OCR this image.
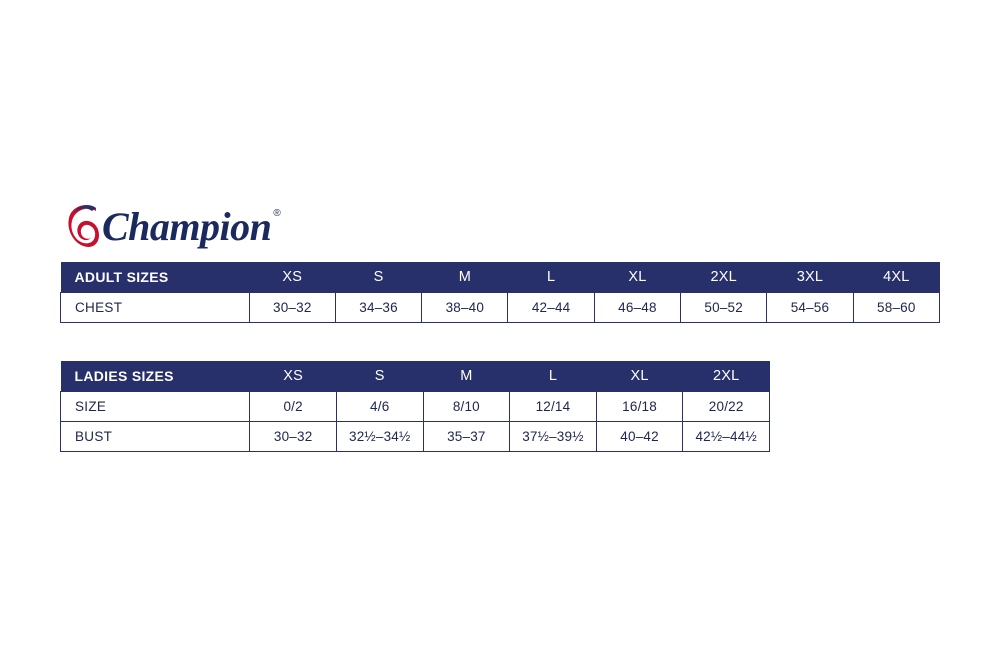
Champion ®
ADULT SIZES	XS	S	M	L	XL	2XL	3XL	4XL
CHEST	30–32	34–36	38–40	42–44	46–48	50–52	54–56	58–60
LADIES SIZES	XS	S	M	L	XL	2XL
SIZE	0/2	4/6	8/10	12/14	16/18	20/22
BUST	30–32	32½–34½	35–37	37½–39½	40–42	42½–44½
